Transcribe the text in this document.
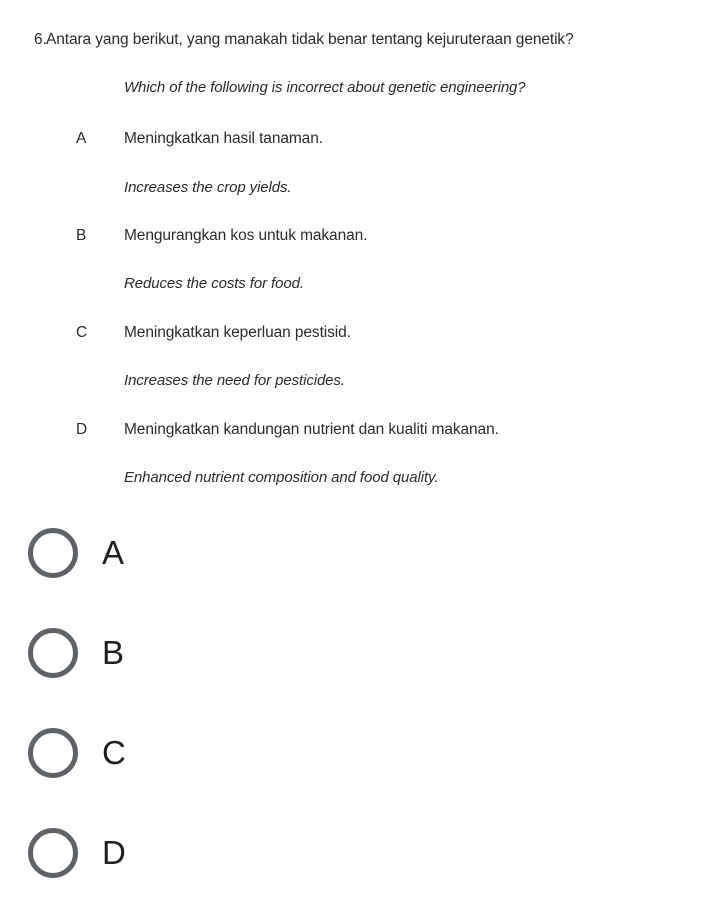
6. Antara yang berikut, yang manakah tidak benar tentang kejuruteraan genetik?
Which of the following is incorrect about genetic engineering?
A Meningkatkan hasil tanaman.
Increases the crop yields.
B Mengurangkan kos untuk makanan.
Reduces the costs for food.
C Meningkatkan keperluan pestisid.
Increases the need for pesticides.
D Meningkatkan kandungan nutrient dan kualiti makanan.
Enhanced nutrient composition and food quality.
A
B
C
D
